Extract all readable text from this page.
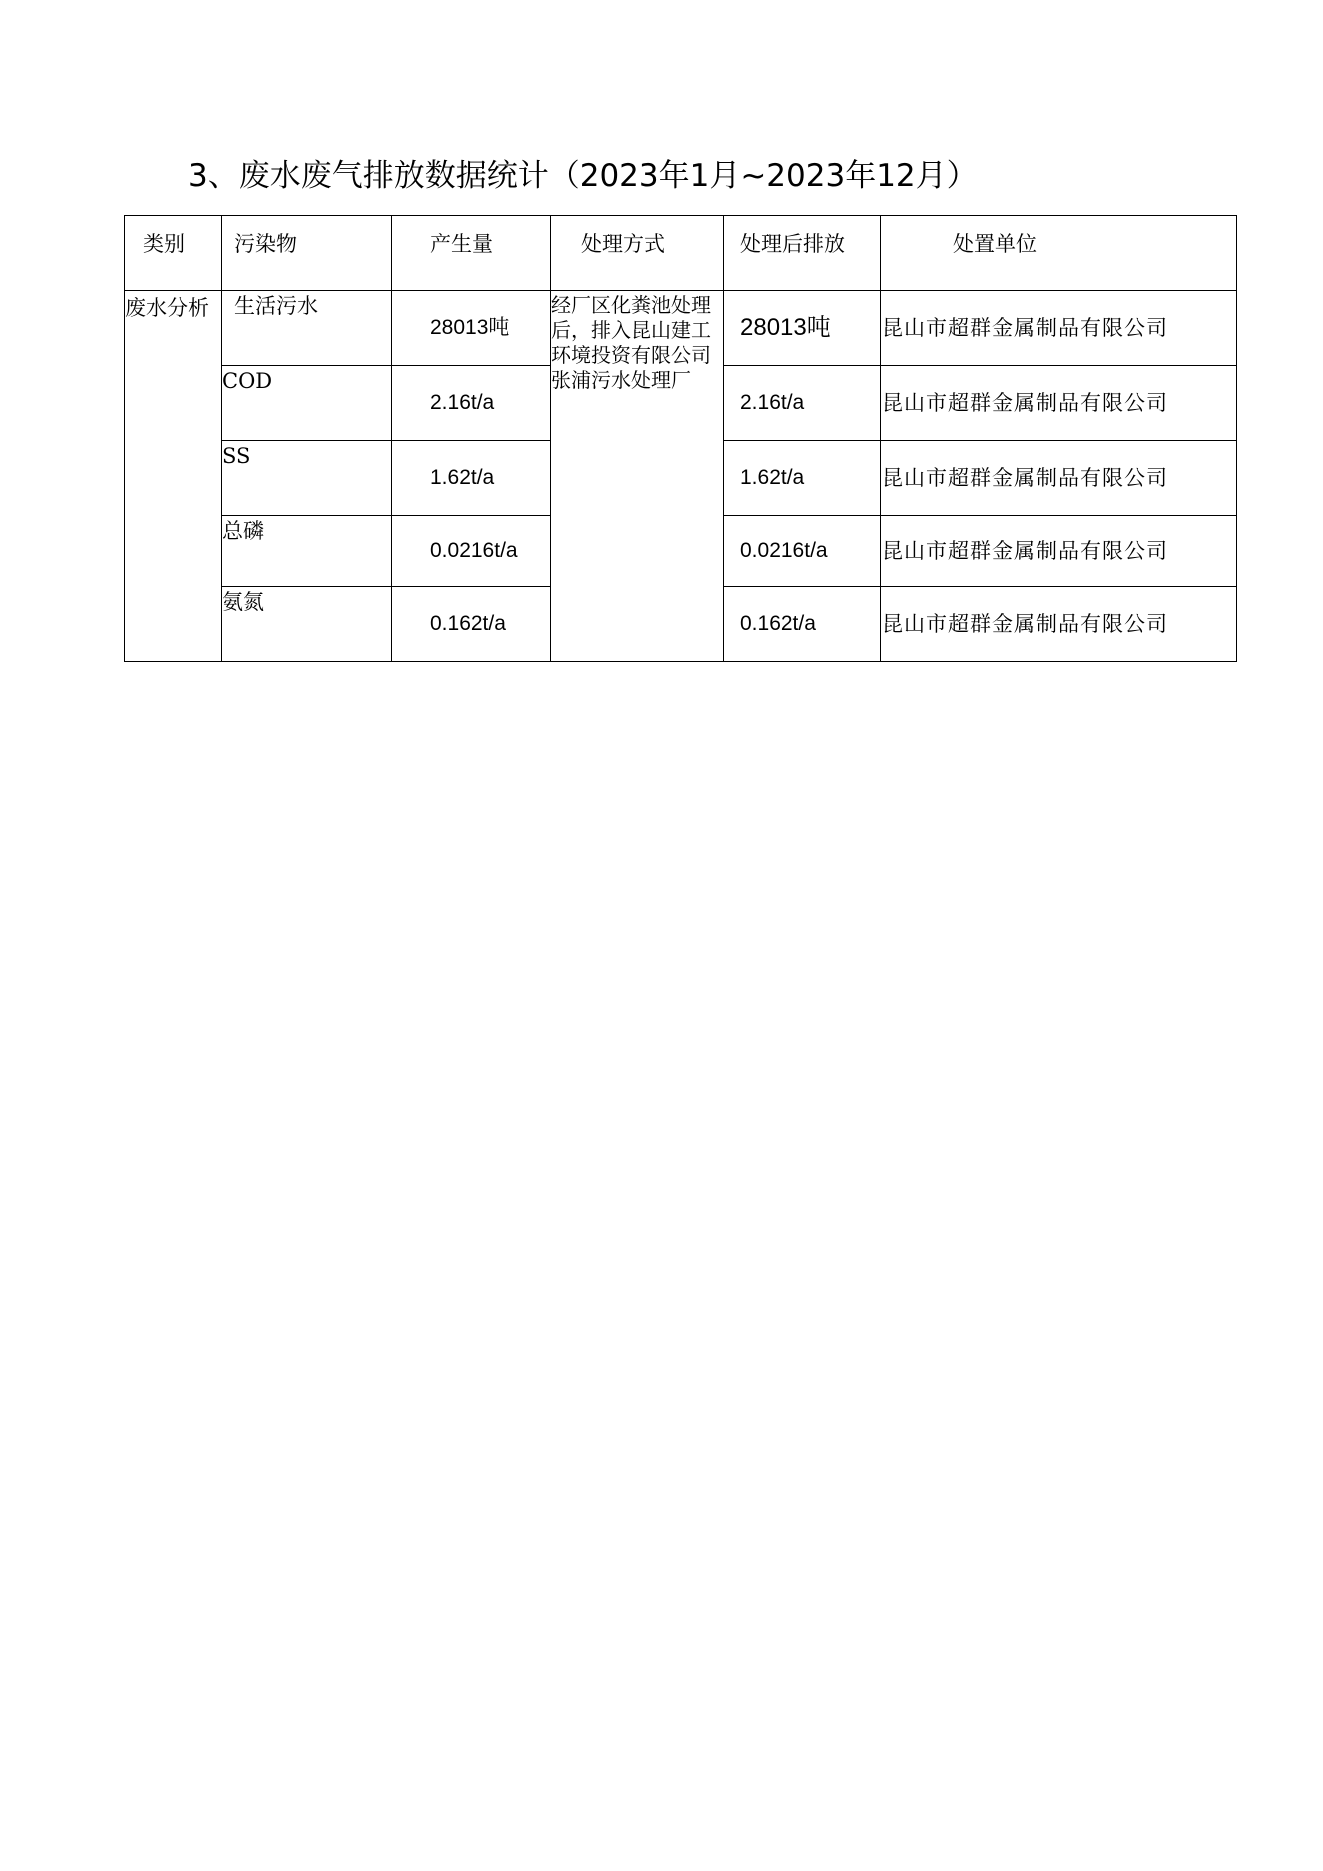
3、废水废气排放数据统计（2023年1月~2023年12月）
类别	污染物	产生量	处理方式	处理后排放	处置单位
废水分析	生活污水	28013吨	经厂区化粪池处理后，排入昆山建工环境投资有限公司张浦污水处理厂	28013吨	昆山市超群金属制品有限公司
	COD	2.16t/a		2.16t/a	昆山市超群金属制品有限公司
	SS	1.62t/a		1.62t/a	昆山市超群金属制品有限公司
	总磷	0.0216t/a		0.0216t/a	昆山市超群金属制品有限公司
	氨氮	0.162t/a		0.162t/a	昆山市超群金属制品有限公司
